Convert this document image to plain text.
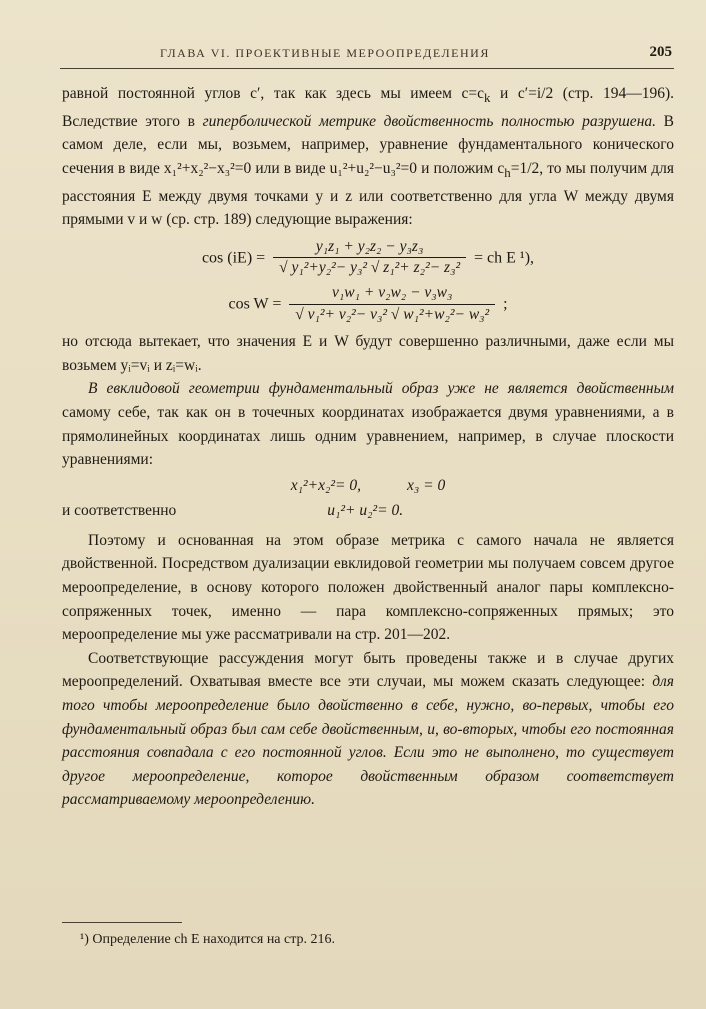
ГЛАВА VI. ПРОЕКТИВНЫЕ МЕРООПРЕДЕЛЕНИЯ	205

равной постоянной углов c′, так как здесь мы имеем $c=c_k$ и c′=i/2 (стр. 194—196). Вследствие этого в гиперболической метрике двойственность полностью разрушена. В самом деле, если мы, возьмем, например, уравнение фундаментального конического сечения в виде x₁²+x₂²−x₃²=0 или в виде u₁²+u₂²−u₃²=0 и положим $c_h=1/2$, то мы получим для расстояния E между двумя точками y и z или соответственно для угла W между двумя прямыми v и w (ср. стр. 189) следующие выражения:

$\cos (iE) = \frac{\text{y₁z₁ + y₂z₂ − y₃z₃}}{\text{√ y₁²+y₂²− y₃² √ z₁²+ z₂²− z₃²}}$ = ch E ¹),
$\cos W = \frac{\text{v₁w₁ + v₂w₂ − v₃w₃}}{\text{√ v₁²+ v₂²− v₃² √ w₁²+w₂²− w₃²}}$ ;

но отсюда вытекает, что значения E и W будут совершенно различными, даже если мы возьмем yᵢ=vᵢ и zᵢ=wᵢ.

В евклидовой геометрии фундаментальный образ уже не является двойственным самому себе, так как он в точечных координатах изображается двумя уравнениями, а в прямолинейных координатах лишь одним уравнением, например, в случае плоскости уравнениями:

x₁²+x₂²= 0,	x₃ = 0
и соответственно	u₁²+ u₂²= 0.

Поэтому и основанная на этом образе метрика с самого начала не является двойственной. Посредством дуализации евклидовой геометрии мы получаем совсем другое мероопределение, в основу которого положен двойственный аналог пары комплексно-сопряженных точек, именно — пара комплексно-сопряженных прямых; это мероопределение мы уже рассматривали на стр. 201—202.

Соответствующие рассуждения могут быть проведены также и в случае других мероопределений. Охватывая вместе все эти случаи, мы можем сказать следующее: для того чтобы мероопределение было двойственно в себе, нужно, во-первых, чтобы его фундаментальный образ был сам себе двойственным, и, во-вторых, чтобы его постоянная расстояния совпадала с его постоянной углов. Если это не выполнено, то существует другое мероопределение, которое двойственным образом соответствует рассматриваемому мероопределению.

¹) Определение ch E находится на стр. 216.
